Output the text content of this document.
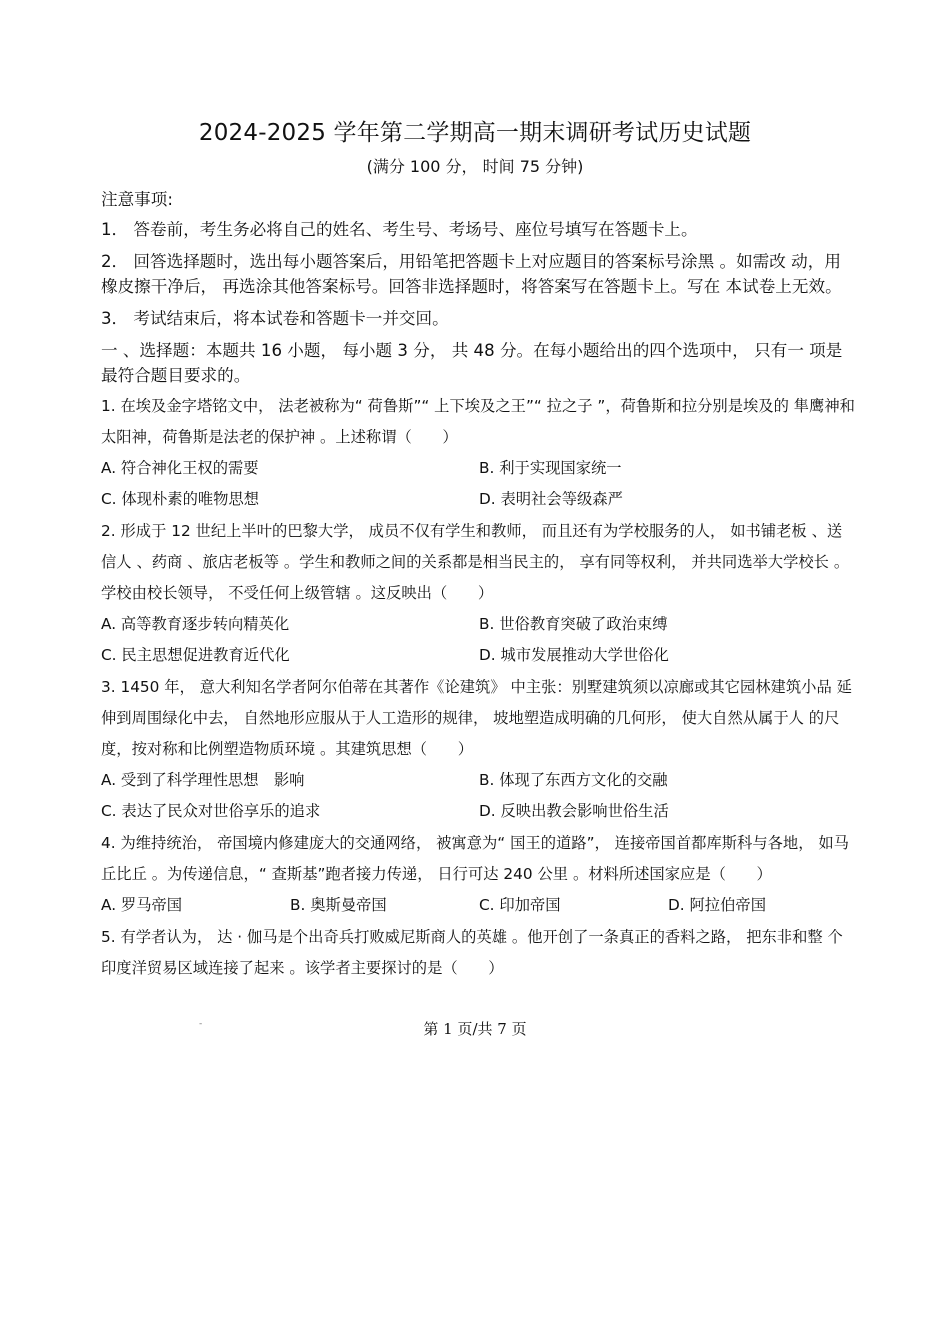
2024-2025 学年第二学期高一期末调研考试历史试题
(满分 100 分， 时间 75 分钟)

注意事项:

1． 答卷前，考生务必将自己的姓名、考生号、考场号、座位号填写在答题卡上。

2． 回答选择题时，选出每小题答案后，用铅笔把答题卡上对应题目的答案标号涂黑 。如需改 动，用橡皮擦干净后， 再选涂其他答案标号。回答非选择题时，将答案写在答题卡上。写在 本试卷上无效。

3． 考试结束后，将本试卷和答题卡一并交回。

一 、选择题：本题共 16 小题， 每小题 3 分， 共 48 分。在每小题给出的四个选项中， 只有一 项是最符合题目要求的。

1. 在埃及金字塔铭文中， 法老被称为“ 荷鲁斯”“ 上下埃及之王”“ 拉之子 ”，荷鲁斯和拉分别是埃及的 隼鹰神和太阳神，荷鲁斯是法老的保护神 。上述称谓（　　）

A. 符合神化王权的需要	B. 利于实现国家统一
C. 体现朴素的唯物思想	D. 表明社会等级森严

2. 形成于 12 世纪上半叶的巴黎大学， 成员不仅有学生和教师， 而且还有为学校服务的人， 如书铺老板 、送 信人 、药商 、旅店老板等 。学生和教师之间的关系都是相当民主的， 享有同等权利， 并共同选举大学校长 。 学校由校长领导， 不受任何上级管辖 。这反映出（　　）

A. 高等教育逐步转向精英化	B. 世俗教育突破了政治束缚
C. 民主思想促进教育近代化	D. 城市发展推动大学世俗化

3. 1450 年， 意大利知名学者阿尔伯蒂在其著作《论建筑》 中主张：别墅建筑须以凉廊或其它园林建筑小品 延伸到周围绿化中去， 自然地形应服从于人工造形的规律， 坡地塑造成明确的几何形， 使大自然从属于人 的尺度，按对称和比例塑造物质环境 。其建筑思想（　　）

A. 受到了科学理性思想　影响	B. 体现了东西方文化的交融
C. 表达了民众对世俗享乐的追求	D. 反映出教会影响世俗生活

4. 为维持统治， 帝国境内修建庞大的交通网络， 被寓意为“ 国王的道路”， 连接帝国首都库斯科与各地， 如马丘比丘 。为传递信息，“ 查斯基”跑者接力传递， 日行可达 240 公里 。材料所述国家应是（　　）

A. 罗马帝国	B. 奥斯曼帝国	C. 印加帝国	D. 阿拉伯帝国

5. 有学者认为， 达 · 伽马是个出奇兵打败威尼斯商人的英雄 。他开创了一条真正的香料之路， 把东非和整 个印度洋贸易区域连接了起来 。该学者主要探讨的是（　　）

-	第 1 页/共 7 页
